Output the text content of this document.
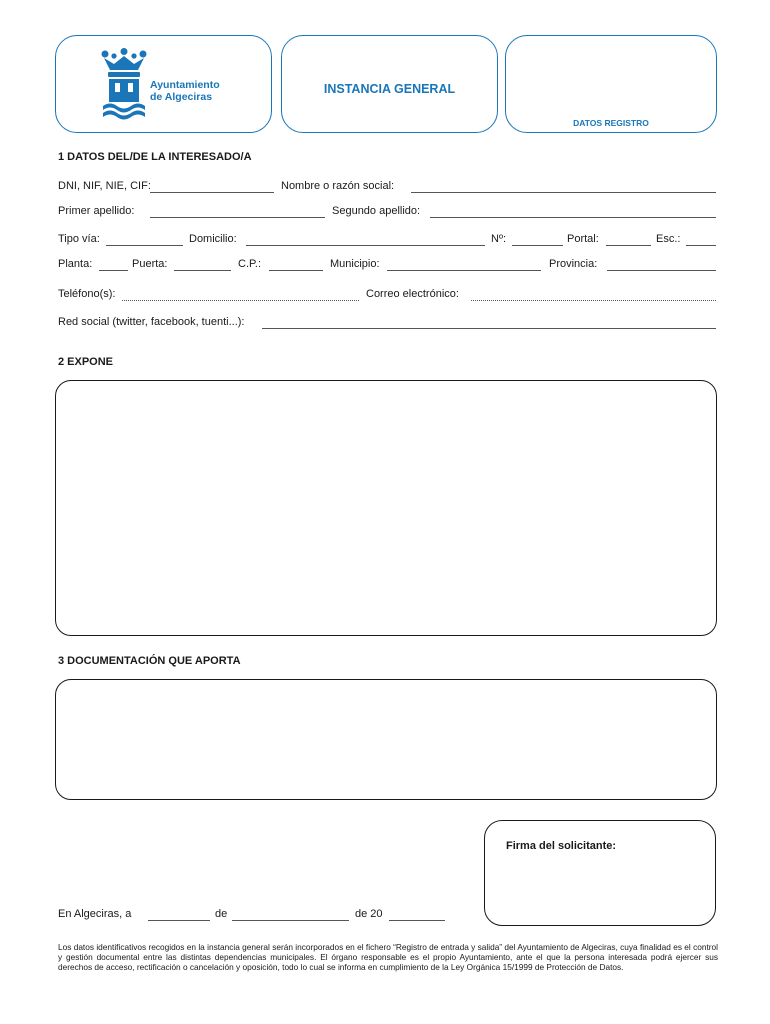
Ayuntamiento
de Algeciras
INSTANCIA GENERAL
DATOS REGISTRO
1 DATOS DEL/DE LA INTERESADO/A
DNI, NIF, NIE, CIF:	Nombre o razón social:
Primer apellido:	Segundo apellido:
Tipo vía:	Domicilio:	Nº:	Portal:	Esc.:
Planta:	Puerta:	C.P.:	Municipio:	Provincia:
Teléfono(s):	Correo electrónico:
Red social (twitter, facebook, tuenti...):
2 EXPONE
3 DOCUMENTACIÓN QUE APORTA
Firma del solicitante:
En Algeciras, a	de	de 20
Los datos identificativos recogidos en la instancia general serán incorporados en el fichero “Registro de entrada y salida” del Ayuntamiento de Algeciras, cuya finalidad es el control y gestión documental entre las distintas dependencias municipales. El órgano responsable es el propio Ayuntamiento, ante el que la persona interesada podrá ejercer sus derechos de acceso, rectificación o cancelación y oposición, todo lo cual se informa en cumplimiento de la Ley Orgánica 15/1999 de Protección de Datos.
